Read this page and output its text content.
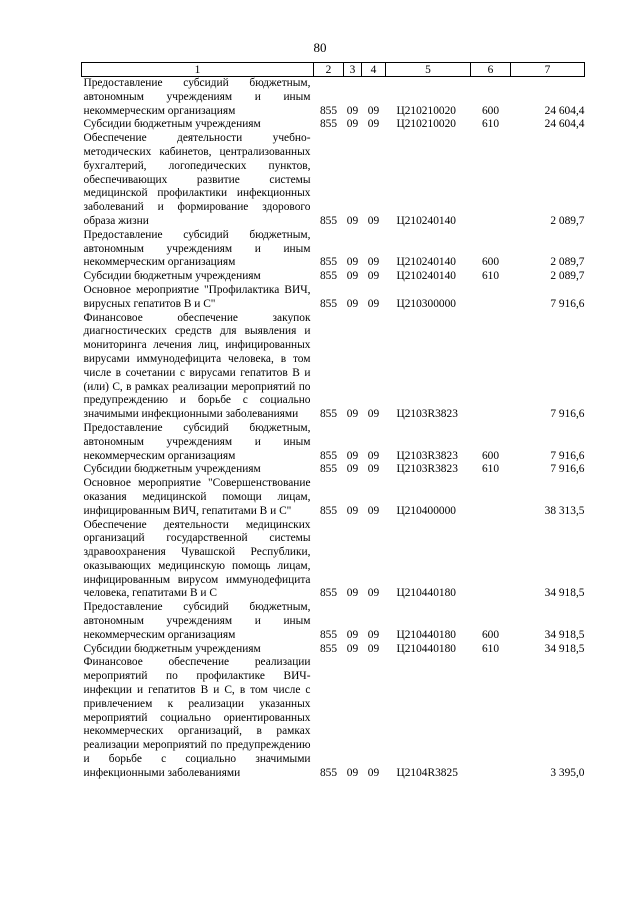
80
1	2	3	4	5	6	7
Предоставление субсидий бюджетным, автономным учреждениям и иным некоммерческим организациям	855	09	09	Ц210210020	600	24 604,4
Субсидии бюджетным учреждениям	855	09	09	Ц210210020	610	24 604,4
Обеспечение деятельности учебно-методических кабинетов, централизованных бухгалтерий, логопедических пунктов, обеспечивающих развитие системы медицинской профилактики инфекционных заболеваний и формирование здорового образа жизни	855	09	09	Ц210240140		2 089,7
Предоставление субсидий бюджетным, автономным учреждениям и иным некоммерческим организациям	855	09	09	Ц210240140	600	2 089,7
Субсидии бюджетным учреждениям	855	09	09	Ц210240140	610	2 089,7
Основное мероприятие "Профилактика ВИЧ, вирусных гепатитов В и С"	855	09	09	Ц210300000		7 916,6
Финансовое обеспечение закупок диагностических средств для выявления и мониторинга лечения лиц, инфицированных вирусами иммунодефицита человека, в том числе в сочетании с вирусами гепатитов В и (или) С, в рамках реализации мероприятий по предупреждению и борьбе с социально значимыми инфекционными заболеваниями	855	09	09	Ц2103R3823		7 916,6
Предоставление субсидий бюджетным, автономным учреждениям и иным некоммерческим организациям	855	09	09	Ц2103R3823	600	7 916,6
Субсидии бюджетным учреждениям	855	09	09	Ц2103R3823	610	7 916,6
Основное мероприятие "Совершенствование оказания медицинской помощи лицам, инфицированным ВИЧ, гепатитами В и С"	855	09	09	Ц210400000		38 313,5
Обеспечение деятельности медицинских организаций государственной системы здравоохранения Чувашской Республики, оказывающих медицинскую помощь лицам, инфицированным вирусом иммунодефицита человека, гепатитами В и С	855	09	09	Ц210440180		34 918,5
Предоставление субсидий бюджетным, автономным учреждениям и иным некоммерческим организациям	855	09	09	Ц210440180	600	34 918,5
Субсидии бюджетным учреждениям	855	09	09	Ц210440180	610	34 918,5
Финансовое обеспечение реализации мероприятий по профилактике ВИЧ-инфекции и гепатитов В и С, в том числе с привлечением к реализации указанных мероприятий социально ориентированных некоммерческих организаций, в рамках реализации мероприятий по предупреждению и борьбе с социально значимыми инфекционными заболеваниями	855	09	09	Ц2104R3825		3 395,0
